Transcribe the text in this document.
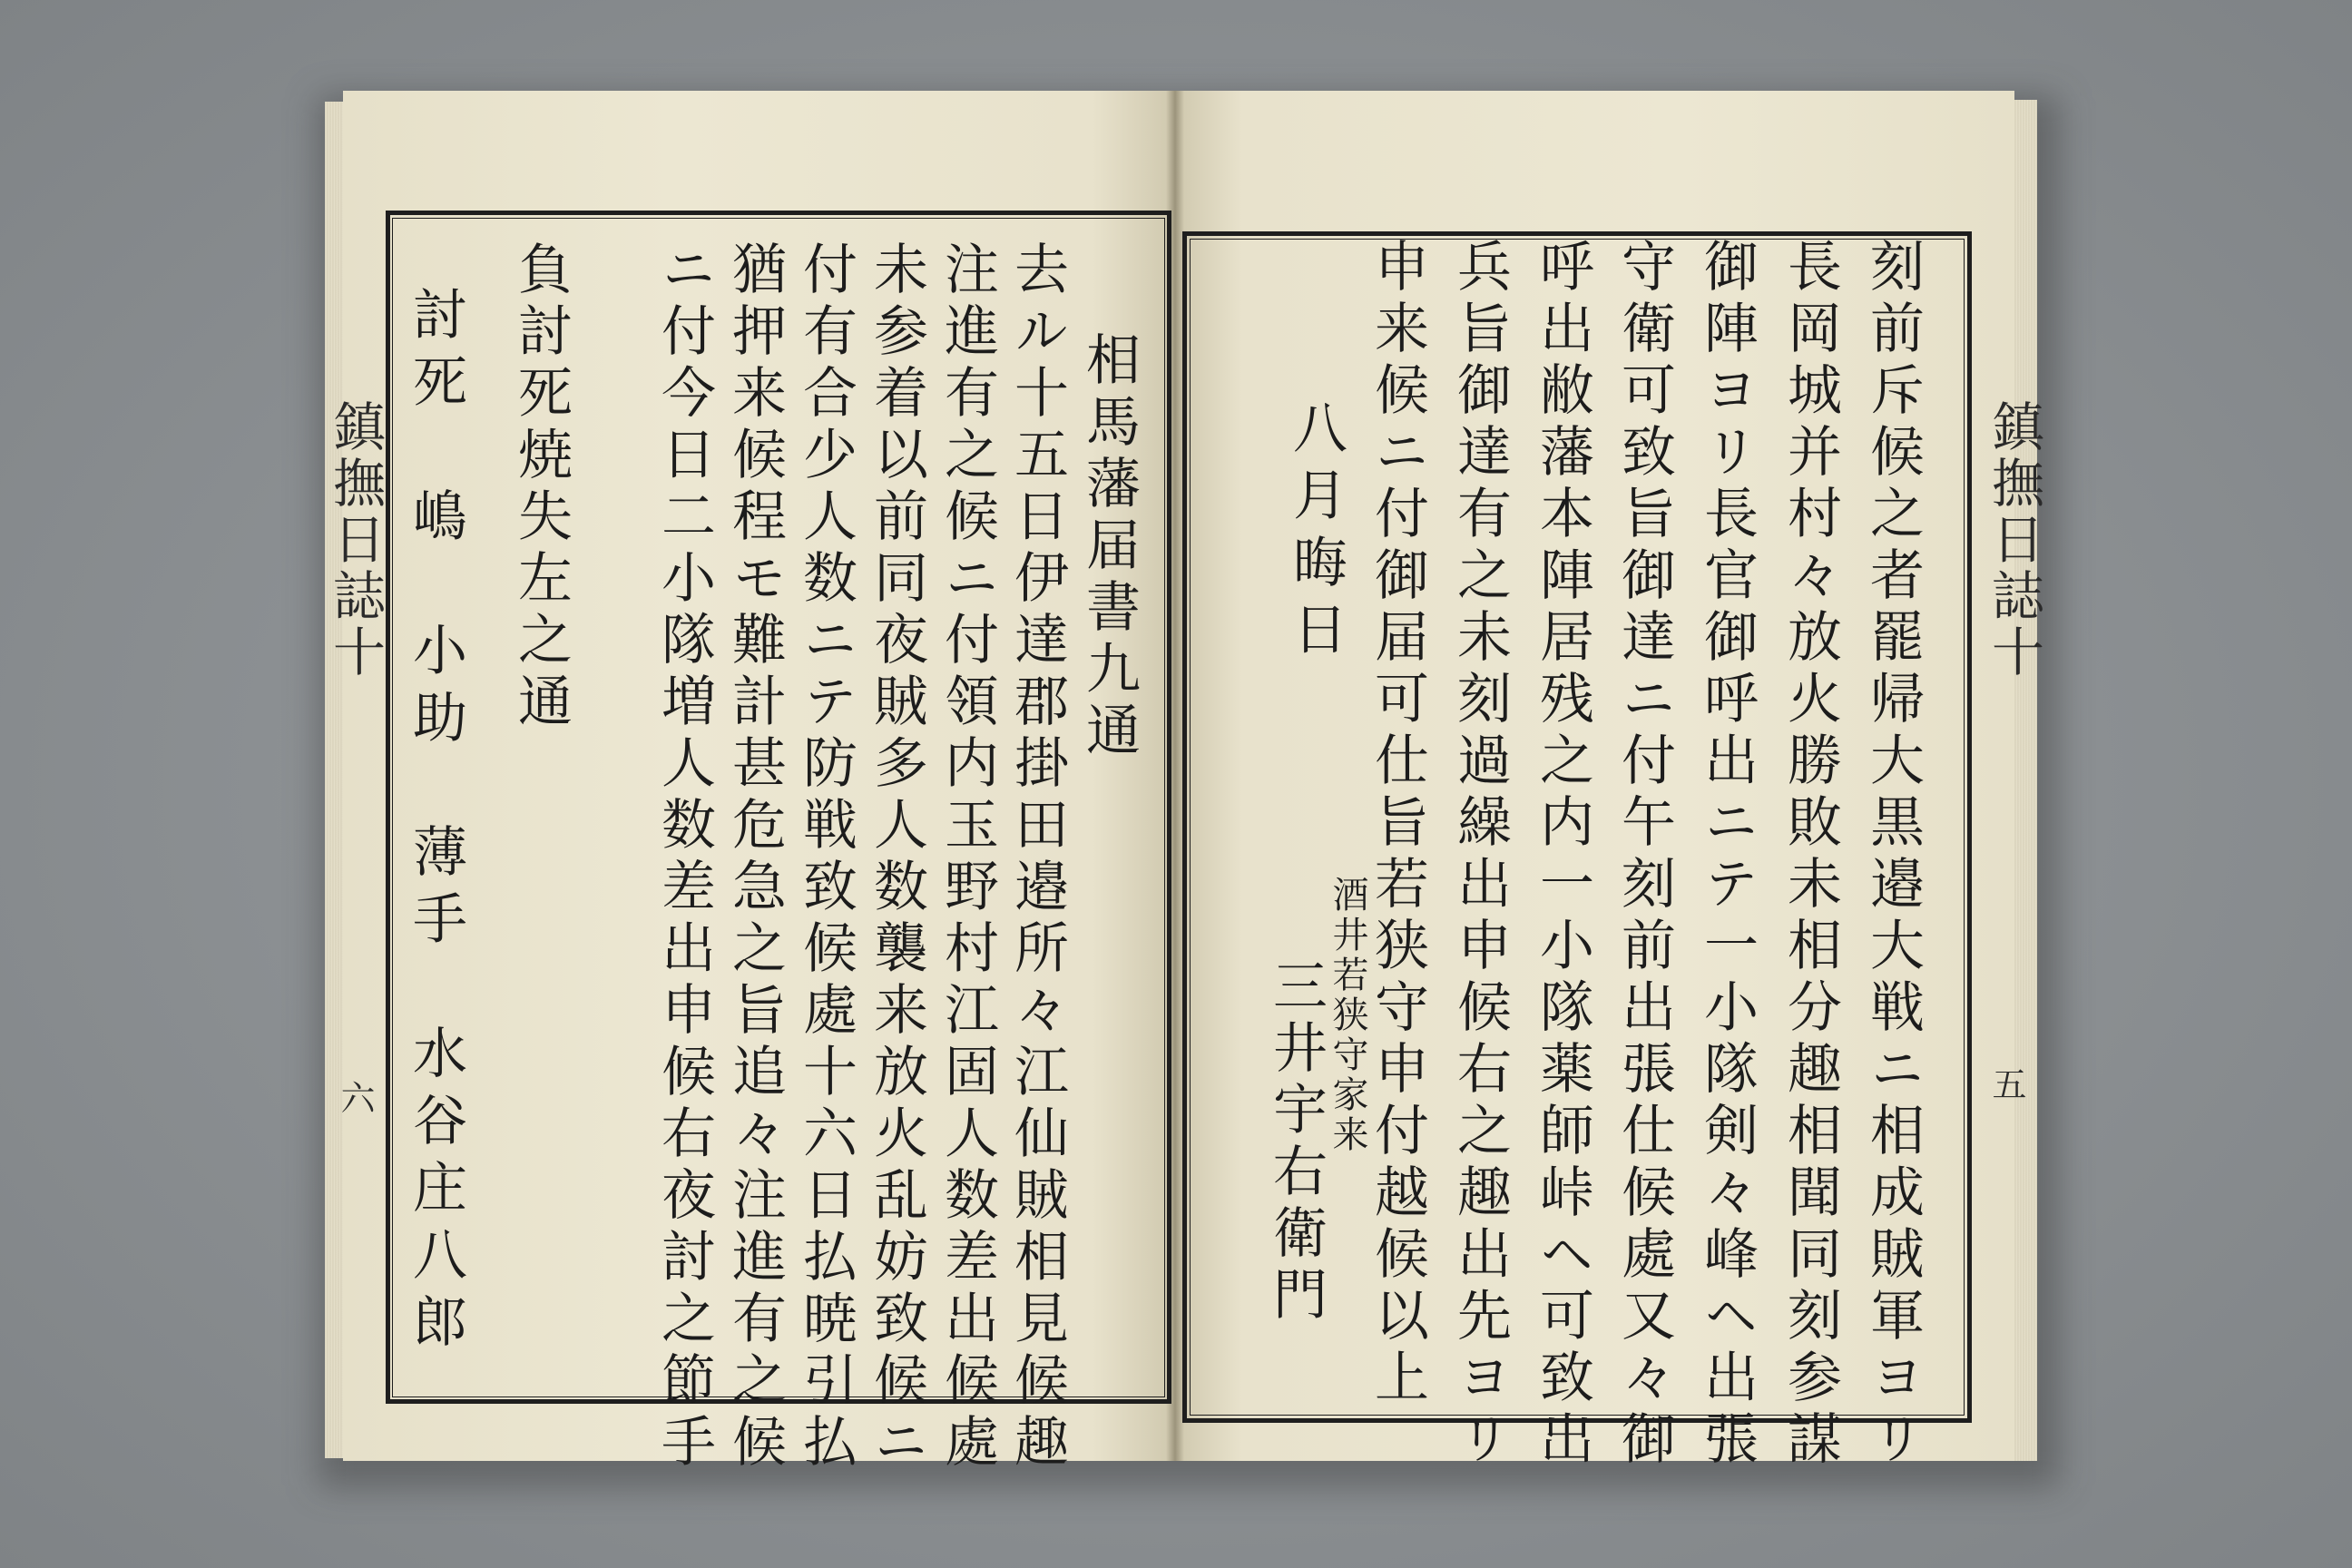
鎮撫日誌十
六
相馬藩届書九通
去ル十五日伊達郡掛田邉所々江仙賊相見候趣
注進有之候ニ付領内玉野村江固人数差出候處
未参着以前同夜賊多人数襲来放火乱妨致候ニ
付有合少人数ニテ防戦致候處十六日払暁引払
猶押来候程モ難計甚危急之旨追々注進有之候
ニ付今日二小隊増人数差出申候右夜討之節手
負討死焼失左之通
討死　嶋　小助　薄手　水谷庄八郎	鎮撫日誌十
五
刻前斥候之者罷帰大黒邉大戦ニ相成賊軍ヨリ
長岡城并村々放火勝敗未相分趣相聞同刻参謀
御陣ヨリ長官御呼出ニテ一小隊剣々峰ヘ出張
守衛可致旨御達ニ付午刻前出張仕候處又々御
呼出敝藩本陣居残之内一小隊薬師峠ヘ可致出
兵旨御達有之未刻過繰出申候右之趣出先ヨリ
申来候ニ付御届可仕旨若狭守申付越候以上
八月晦日
酒井若狭守家来
三井宇右衛門
